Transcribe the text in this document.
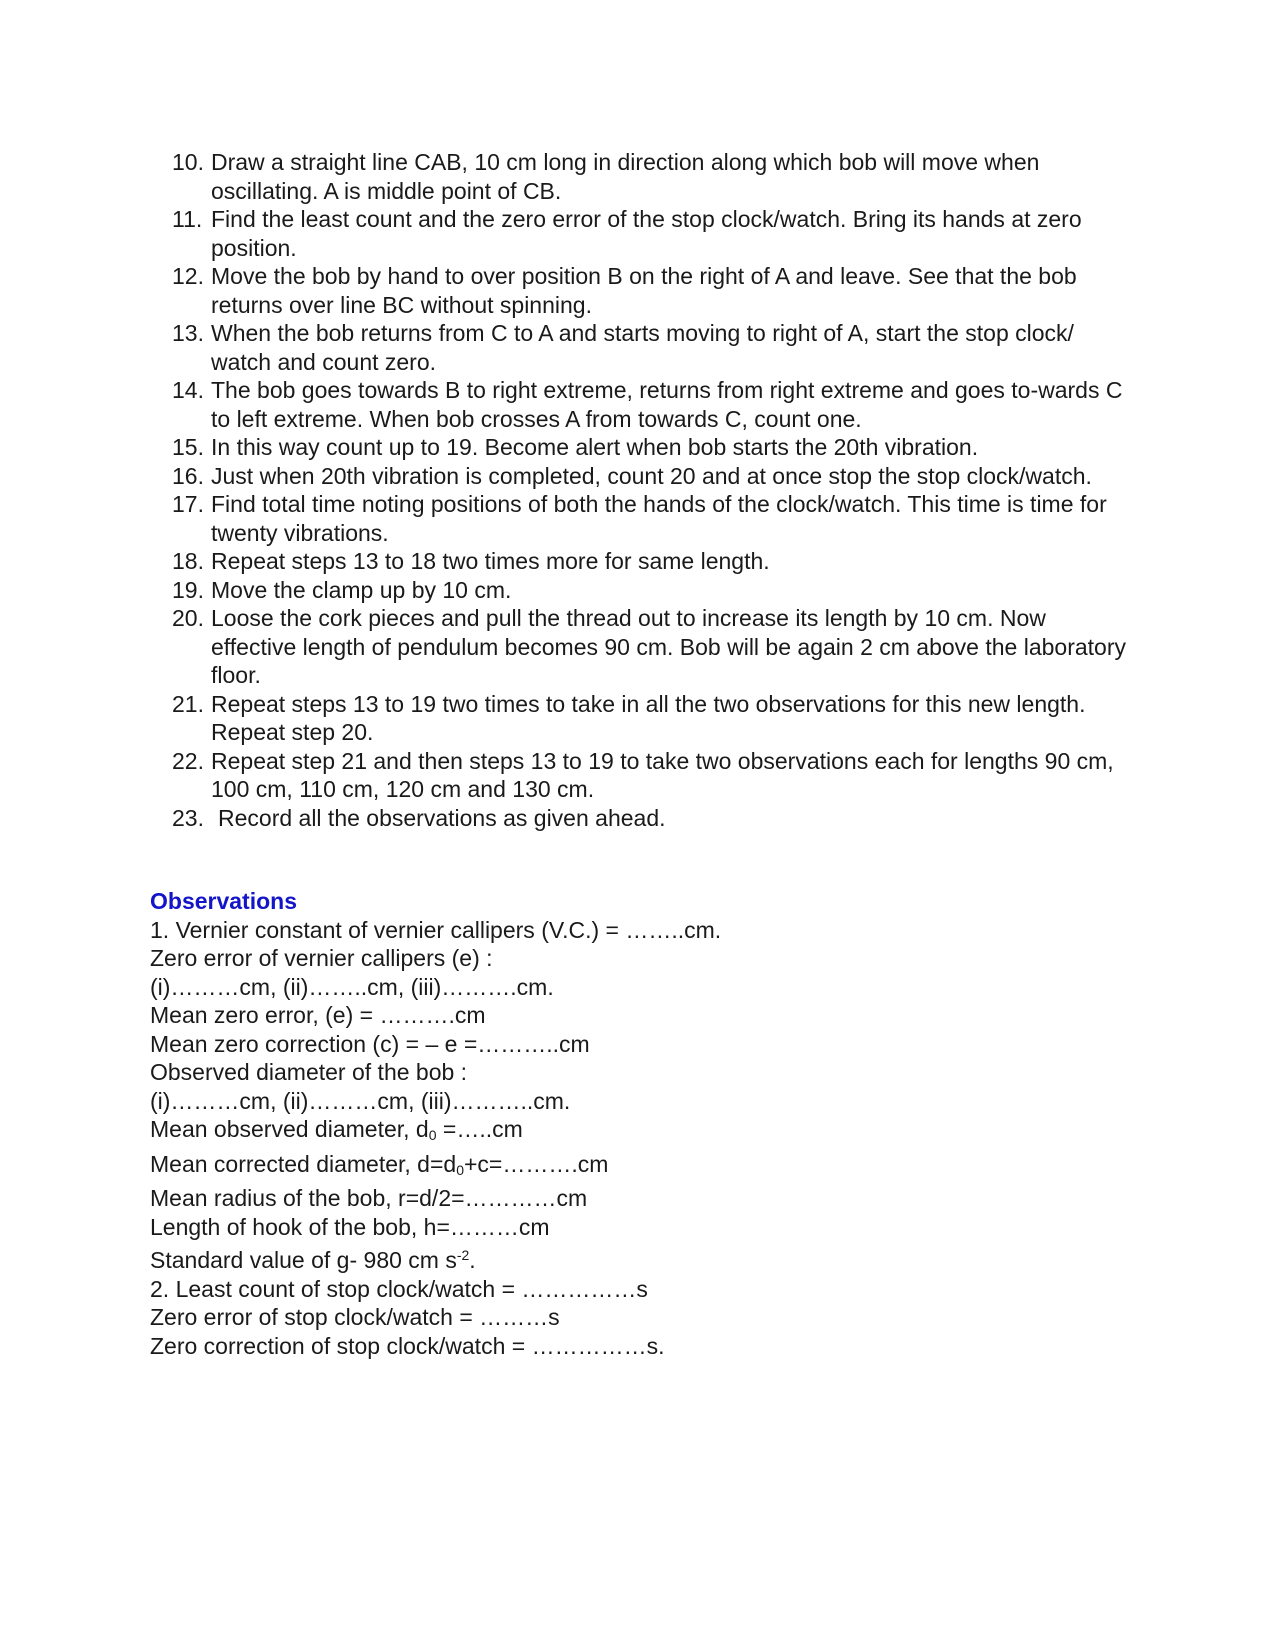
10. Draw a straight line CAB, 10 cm long in direction along which bob will move when oscillating. A is middle point of CB.
11. Find the least count and the zero error of the stop clock/watch. Bring its hands at zero position.
12. Move the bob by hand to over position B on the right of A and leave. See that the bob returns over line BC without spinning.
13. When the bob returns from C to A and starts moving to right of A, start the stop clock/ watch and count zero.
14. The bob goes towards B to right extreme, returns from right extreme and goes to-wards C to left extreme. When bob crosses A from towards C, count one.
15. In this way count up to 19. Become alert when bob starts the 20th vibration.
16. Just when 20th vibration is completed, count 20 and at once stop the stop clock/watch.
17. Find total time noting positions of both the hands of the clock/watch. This time is time for twenty vibrations.
18. Repeat steps 13 to 18 two times more for same length.
19. Move the clamp up by 10 cm.
20. Loose the cork pieces and pull the thread out to increase its length by 10 cm. Now effective length of pendulum becomes 90 cm. Bob will be again 2 cm above the laboratory floor.
21. Repeat steps 13 to 19 two times to take in all the two observations for this new length. Repeat step 20.
22. Repeat step 21 and then steps 13 to 19 to take two observations each for lengths 90 cm, 100 cm, 110 cm, 120 cm and 130 cm.
23. Record all the observations as given ahead.

Observations

1. Vernier constant of vernier callipers (V.C.) = ……..cm.

Zero error of vernier callipers (e) :

(i)………cm, (ii)……..cm, (iii)……….cm.

Mean zero error, (e) = ……….cm

Mean zero correction (c) = – e =………..cm

Observed diameter of the bob :

(i)………cm, (ii)………cm, (iii)………..cm.

Mean observed diameter, $d_0$ =…..cm

Mean corrected diameter, $d=d_0+c=\dots\dots\dots.cm$

Mean radius of the bob, r=d/2=…………cm

Length of hook of the bob, h=………cm

Standard value of g- 980 cm $s^{-2}$.

2. Least count of stop clock/watch = ……………s

Zero error of stop clock/watch = ………s

Zero correction of stop clock/watch = ……………s.
